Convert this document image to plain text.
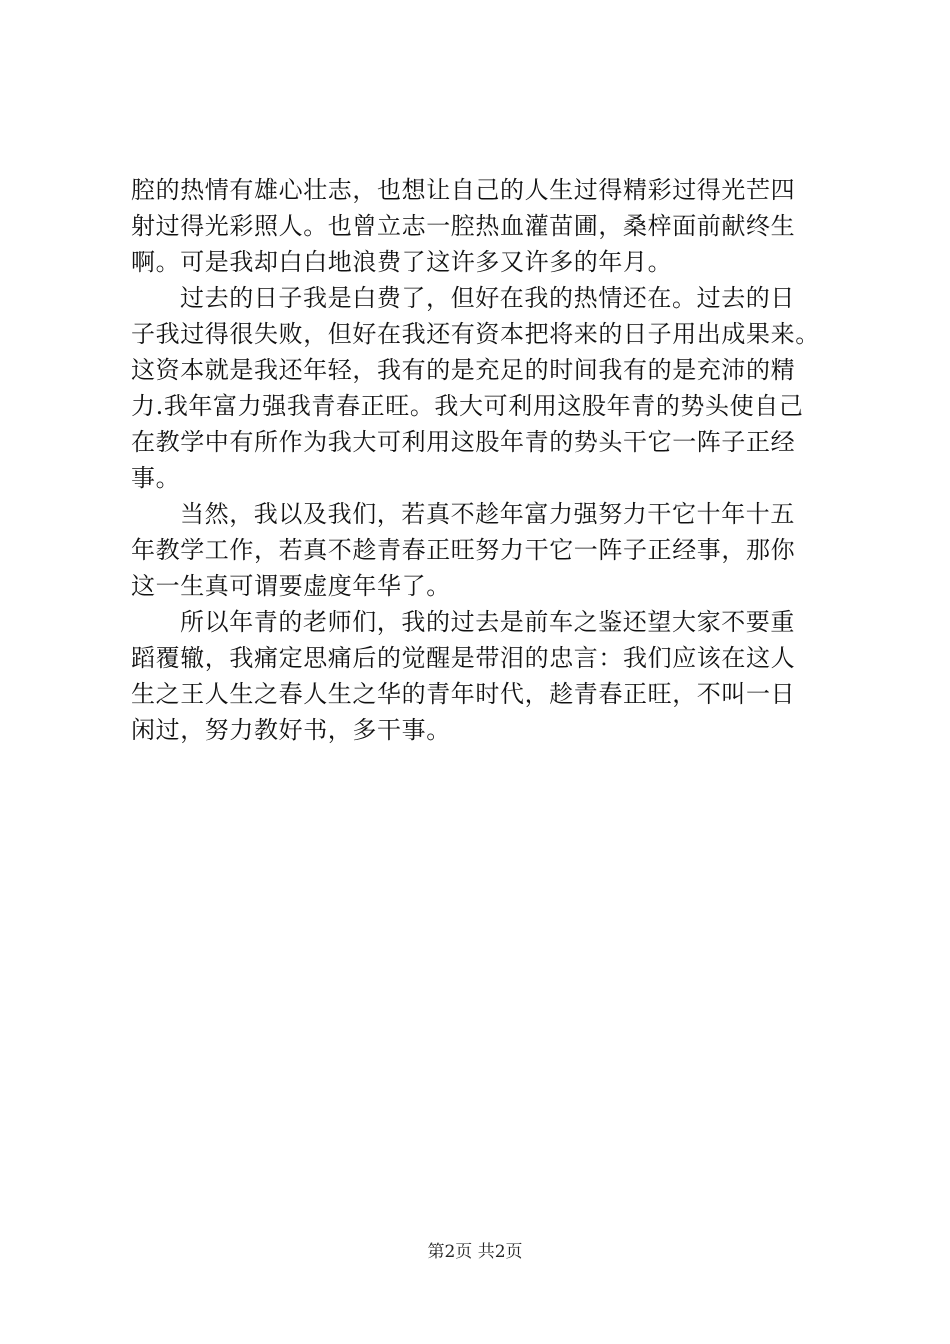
腔的热情有雄心壮志，也想让自己的人生过得精彩过得光芒四
射过得光彩照人。也曾立志一腔热血灌苗圃，桑梓面前献终生
啊。可是我却白白地浪费了这许多又许多的年月。
过去的日子我是白费了，但好在我的热情还在。过去的日
子我过得很失败，但好在我还有资本把将来的日子用出成果来。
这资本就是我还年轻，我有的是充足的时间我有的是充沛的精
力.我年富力强我青春正旺。我大可利用这股年青的势头使自己
在教学中有所作为我大可利用这股年青的势头干它一阵子正经
事。
当然，我以及我们，若真不趁年富力强努力干它十年十五
年教学工作，若真不趁青春正旺努力干它一阵子正经事，那你
这一生真可谓要虚度年华了。
所以年青的老师们，我的过去是前车之鉴还望大家不要重
蹈覆辙，我痛定思痛后的觉醒是带泪的忠言：我们应该在这人
生之王人生之春人生之华的青年时代，趁青春正旺，不叫一日
闲过，努力教好书，多干事。
第2页 共2页
